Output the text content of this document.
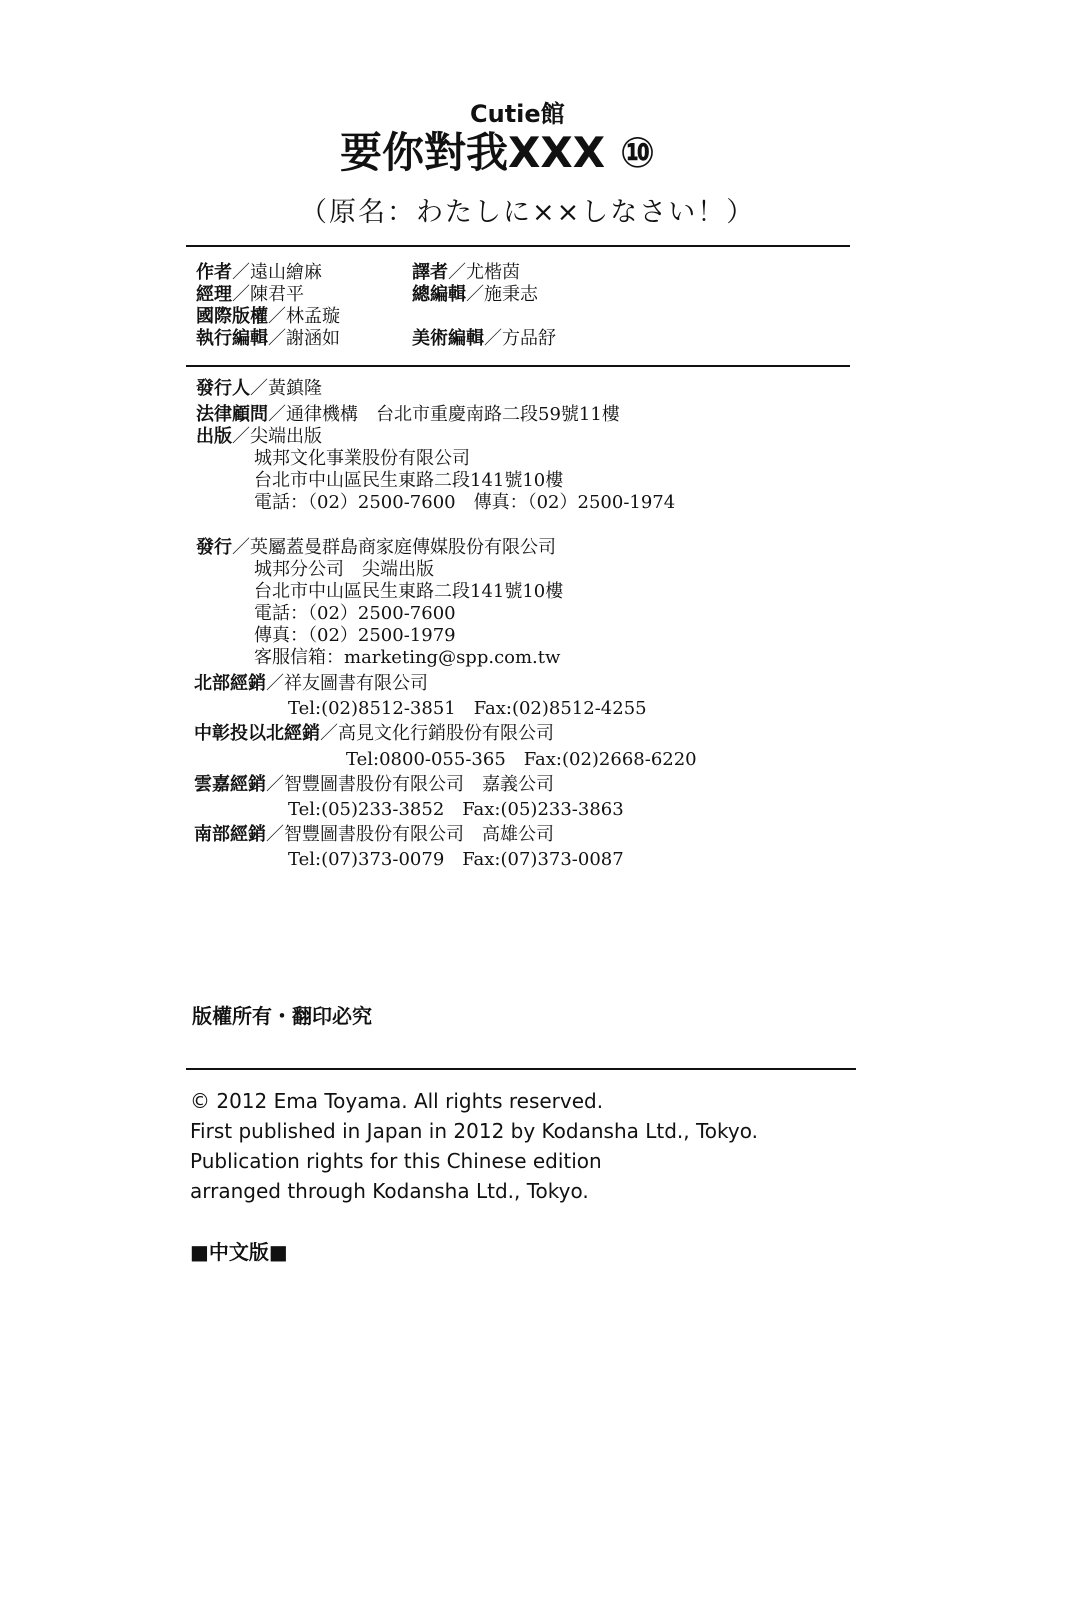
Cutie館
要你對我XXX ⑩
（原名：わたしに××しなさい！）
作者／遠山繪麻	譯者／尤楷茵
經理／陳君平	總編輯／施秉志
國際版權／林孟璇
執行編輯／謝涵如	美術編輯／方品舒
發行人／黃鎮隆
法律顧問／通律機構　台北市重慶南路二段59號11樓
出版／尖端出版
城邦文化事業股份有限公司
台北市中山區民生東路二段141號10樓
電話：（02）2500-7600　傳真：（02）2500-1974
發行／英屬蓋曼群島商家庭傳媒股份有限公司
城邦分公司　尖端出版
台北市中山區民生東路二段141號10樓
電話：（02）2500-7600
傳真：（02）2500-1979
客服信箱：marketing@spp.com.tw
北部經銷／祥友圖書有限公司
Tel:(02)8512-3851　Fax:(02)8512-4255
中彰投以北經銷／高見文化行銷股份有限公司
Tel:0800-055-365　Fax:(02)2668-6220
雲嘉經銷／智豐圖書股份有限公司　嘉義公司
Tel:(05)233-3852　Fax:(05)233-3863
南部經銷／智豐圖書股份有限公司　高雄公司
Tel:(07)373-0079　Fax:(07)373-0087
版權所有・翻印必究
© 2012 Ema Toyama. All rights reserved.
First published in Japan in 2012 by Kodansha Ltd., Tokyo.
Publication rights for this Chinese edition
arranged through Kodansha Ltd., Tokyo.
■中文版■
